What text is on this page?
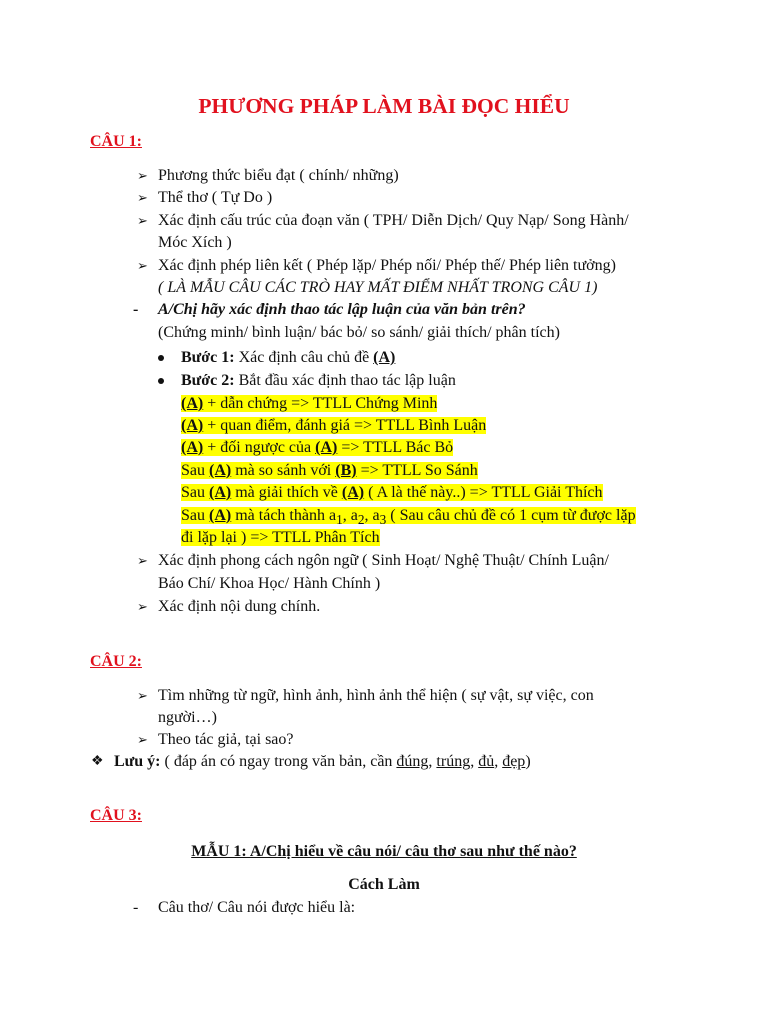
PHƯƠNG PHÁP LÀM BÀI ĐỌC HIỂU
CÂU 1:
➢ Phương thức biểu đạt ( chính/ những)
➢ Thể thơ ( Tự Do )
➢ Xác định cấu trúc của đoạn văn ( TPH/ Diễn Dịch/ Quy Nạp/ Song Hành/
Móc Xích )
➢ Xác định phép liên kết ( Phép lặp/ Phép nối/ Phép thế/ Phép liên tưởng)
( LÀ MẪU CÂU CÁC TRÒ HAY MẤT ĐIỂM NHẤT TRONG CÂU 1)
- A/Chị hãy xác định thao tác lập luận của văn bản trên?
(Chứng minh/ bình luận/ bác bỏ/ so sánh/ giải thích/ phân tích)
Bước 1: Xác định câu chủ đề (A)
Bước 2: Bắt đầu xác định thao tác lập luận
(A) + dẫn chứng => TTLL Chứng Minh
(A) + quan điểm, đánh giá => TTLL Bình Luận
(A) + đối ngược của (A) => TTLL Bác Bỏ
Sau (A) mà so sánh với (B) => TTLL So Sánh
Sau (A) mà giải thích về (A) ( A là thế này..) => TTLL Giải Thích
Sau (A) mà tách thành $a_1$, $a_2$, $a_3$ ( Sau câu chủ đề có 1 cụm từ được lặp
đi lặp lại ) => TTLL Phân Tích
➢ Xác định phong cách ngôn ngữ ( Sinh Hoạt/ Nghệ Thuật/ Chính Luận/
Báo Chí/ Khoa Học/ Hành Chính )
➢ Xác định nội dung chính.
CÂU 2:
➢ Tìm những từ ngữ, hình ảnh, hình ảnh thể hiện ( sự vật, sự việc, con
người…)
➢ Theo tác giả, tại sao?
❖ Lưu ý: ( đáp án có ngay trong văn bản, cần đúng, trúng, đủ, đẹp)
CÂU 3:
MẪU 1: A/Chị hiểu về câu nói/ câu thơ sau như thế nào?
Cách Làm
- Câu thơ/ Câu nói được hiểu là:
